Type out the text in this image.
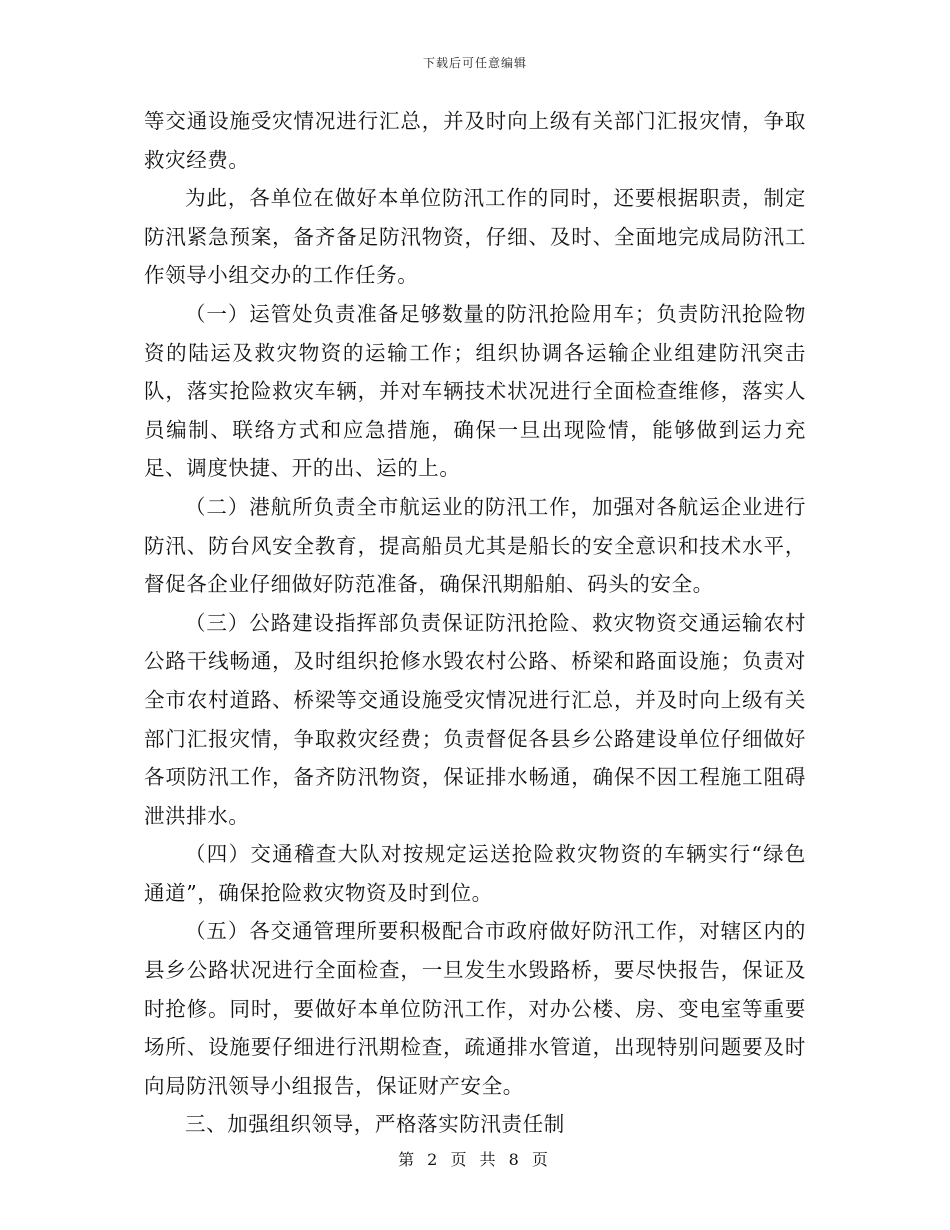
下载后可任意编辑

等交通设施受灾情况进行汇总，并及时向上级有关部门汇报灾情，争取救灾经费。

为此，各单位在做好本单位防汛工作的同时，还要根据职责，制定防汛紧急预案，备齐备足防汛物资，仔细、及时、全面地完成局防汛工作领导小组交办的工作任务。

（一）运管处负责准备足够数量的防汛抢险用车；负责防汛抢险物资的陆运及救灾物资的运输工作；组织协调各运输企业组建防汛突击队，落实抢险救灾车辆，并对车辆技术状况进行全面检查维修，落实人员编制、联络方式和应急措施，确保一旦出现险情，能够做到运力充足、调度快捷、开的出、运的上。

（二）港航所负责全市航运业的防汛工作，加强对各航运企业进行防汛、防台风安全教育，提高船员尤其是船长的安全意识和技术水平，督促各企业仔细做好防范准备，确保汛期船舶、码头的安全。

（三）公路建设指挥部负责保证防汛抢险、救灾物资交通运输农村公路干线畅通，及时组织抢修水毁农村公路、桥梁和路面设施；负责对全市农村道路、桥梁等交通设施受灾情况进行汇总，并及时向上级有关部门汇报灾情，争取救灾经费；负责督促各县乡公路建设单位仔细做好各项防汛工作，备齐防汛物资，保证排水畅通，确保不因工程施工阻碍泄洪排水。

（四）交通稽查大队对按规定运送抢险救灾物资的车辆实行“绿色通道”，确保抢险救灾物资及时到位。

（五）各交通管理所要积极配合市政府做好防汛工作，对辖区内的县乡公路状况进行全面检查，一旦发生水毁路桥，要尽快报告，保证及时抢修。同时，要做好本单位防汛工作，对办公楼、房、变电室等重要场所、设施要仔细进行汛期检查，疏通排水管道，出现特别问题要及时向局防汛领导小组报告，保证财产安全。

三、加强组织领导，严格落实防汛责任制

第 2 页 共 8 页
